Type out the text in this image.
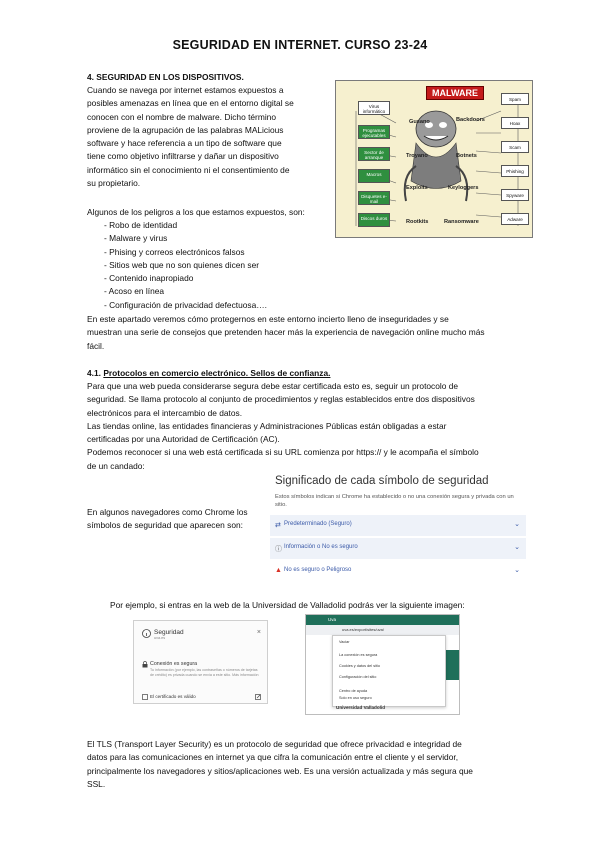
SEGURIDAD EN INTERNET. CURSO 23-24
4. SEGURIDAD EN LOS DISPOSITIVOS.
Cuando se navega por internet estamos expuestos a
posibles amenazas en línea que en el entorno digital se
conocen con el nombre de malware. Dicho término
proviene de la agrupación de las palabras MALicious
software y hace referencia a un tipo de software que
tiene como objetivo infiltrarse y dañar un dispositivo
informático sin el conocimiento ni el consentimiento de
su propietario.
MALWARE
Virus informático
Programas ejecutables
Sector de arranque
Macros
Disquetes e-mail
Discos duros
Gusano	Backdoors
Troyano	Botnets
Exploits	Keyloggers
Rootkits	Ransomware
Spam
Hoax
Scam
Phishing
Spyware
Adware
Algunos de los peligros a los que estamos expuestos, son:
- Robo de identidad
- Malware y virus
- Phising y correos electrónicos falsos
- Sitios web que no son quienes dicen ser
- Contenido inapropiado
- Acoso en línea
- Configuración de privacidad defectuosa….
En este apartado veremos cómo protegernos en este entorno incierto lleno de inseguridades y se
muestran una serie de consejos que pretenden hacer más la experiencia de navegación online mucho más
fácil.
4.1. Protocolos en comercio electrónico. Sellos de confianza.
Para que una web pueda considerarse segura debe estar certificada esto es, seguir un protocolo de
seguridad. Se llama protocolo al conjunto de procedimientos y reglas establecidos entre dos dispositivos
electrónicos para el intercambio de datos.
Las tiendas online, las entidades financieras y Administraciones Públicas están obligadas a estar
certificadas por una Autoridad de Certificación (AC).
Podemos reconocer si una web está certificada si su URL comienza por https:// y le acompaña el símbolo
de un candado:
En algunos navegadores como Chrome los
símbolos de seguridad que aparecen son:
Significado de cada símbolo de seguridad
Estos símbolos indican si Chrome ha establecido o no una conexión segura y privada con un sitio.
⇄ Predeterminado (Seguro)	⌄
ⓘ Información o No es seguro	⌄
▲ No es seguro o Peligroso	⌄
Por ejemplo, si entras en la web de la Universidad de Valladolid podrás ver la siguiente imagen:
Seguridad
uva.es
×
Conexión es segura
Tu información (por ejemplo, las contraseñas o números de tarjetas de crédito) es privada cuando se envía a este sitio. Más información
El certificado es válido
Uva
uva.es/export/sites/uva/
Vaciar
La conexión es segura
Cookies y datos del sitio
Configuración del sitio
Centro de ayuda
Solo en uso seguro
Universidad Valladolid
El TLS (Transport Layer Security) es un protocolo de seguridad que ofrece privacidad e integridad de
datos para las comunicaciones en internet ya que cifra la comunicación entre el cliente y el servidor,
principalmente los navegadores y sitios/aplicaciones web. Es una versión actualizada y más segura que
SSL.
